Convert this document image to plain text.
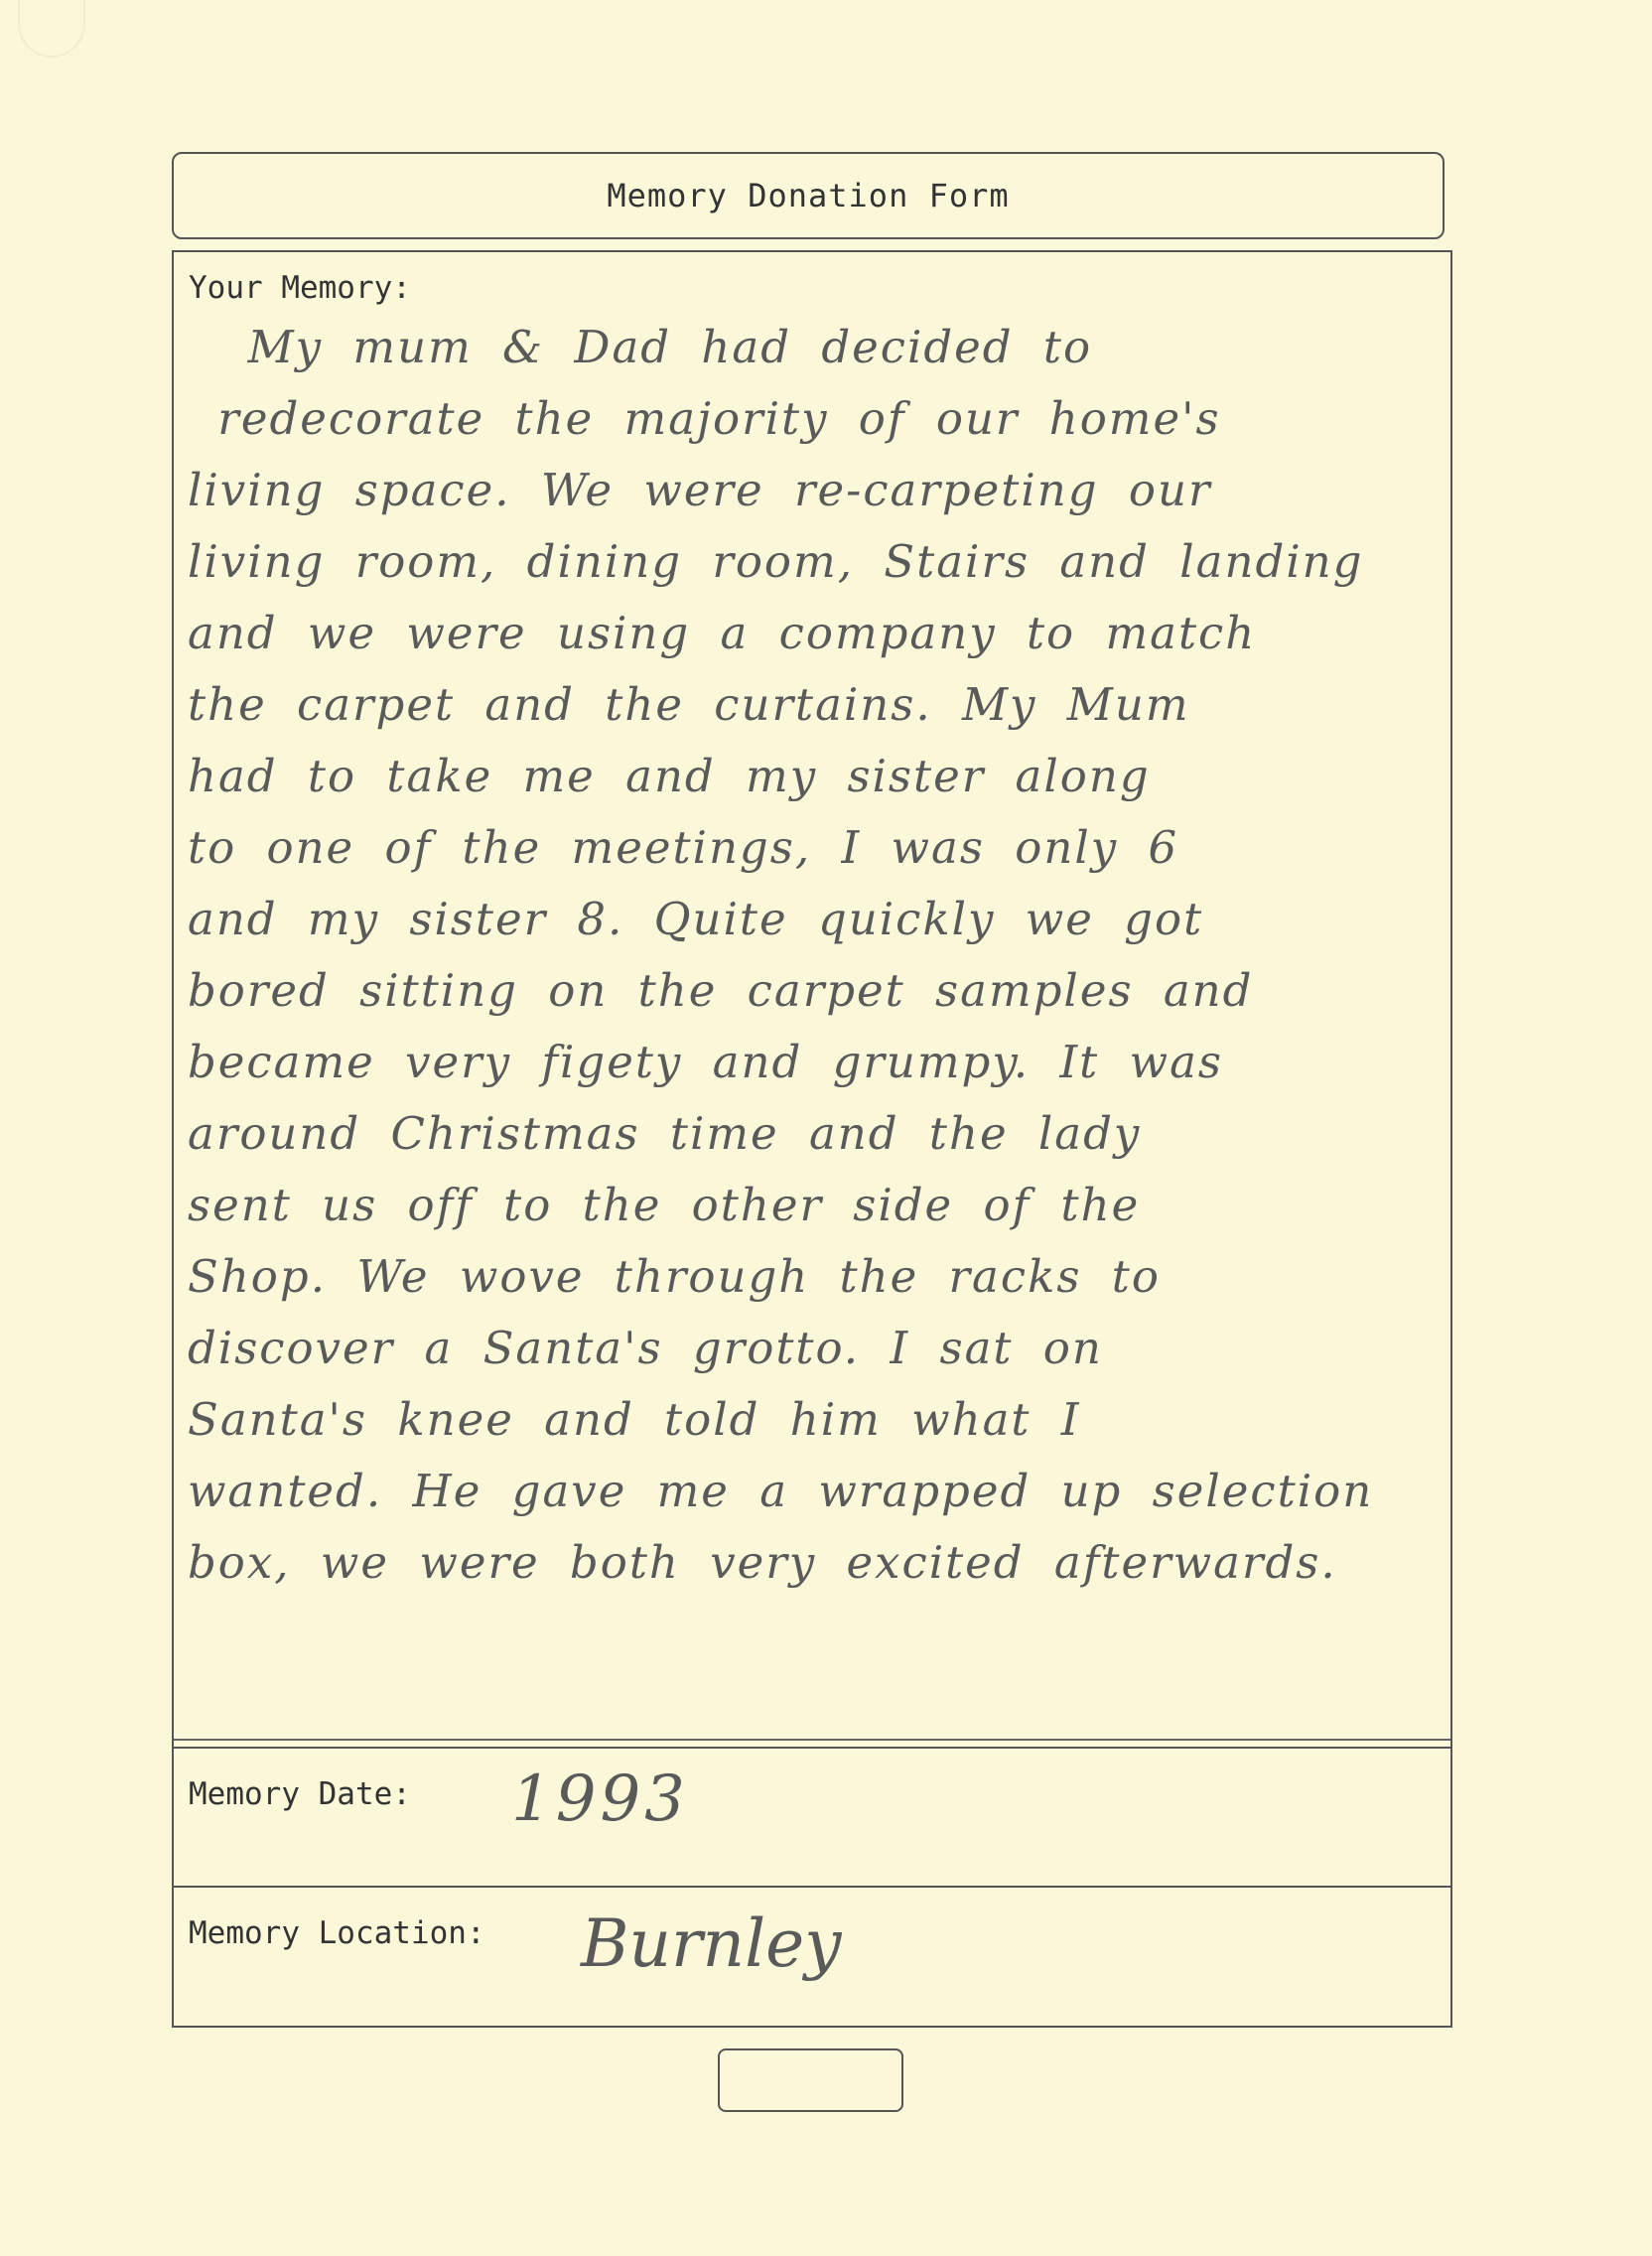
Memory Donation Form
Your Memory:

My mum & Dad had decided to
redecorate the majority of our home's
living space. We were re-carpeting our
living room, dining room, Stairs and landing
and we were using a company to match
the carpet and the curtains. My Mum
had to take me and my sister along
to one of the meetings, I was only 6
and my sister 8. Quite quickly we got
bored sitting on the carpet samples and
became very figety and grumpy. It was
around Christmas time and the lady
sent us off to the other side of the
Shop. We wove through the racks to
discover a Santa's grotto. I sat on
Santa's knee and told him what I
wanted. He gave me a wrapped up selection
box, we were both very excited afterwards.

Memory Date: 1993
Memory Location: Burnley
